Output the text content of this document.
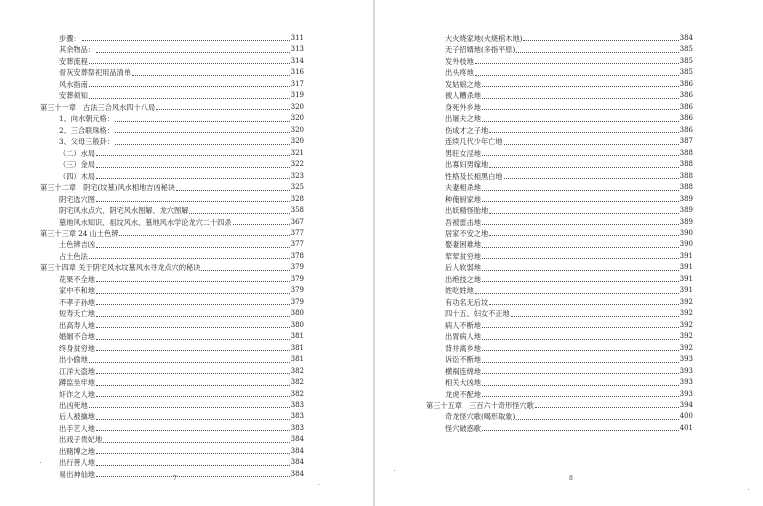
步骤：	311
其余物品：	313
安葬流程	314
骨灰安葬祭祀用品清单	316
风水指南	317
安葬须知	319
第三十一章　古法三合风水四十八局	320
1、向水朝元格：	320
2、三合联珠格：	320
3、父母三般卦：	320
（二）水局	321
（三）金局	322
（四）木局	323
第三十二章　阴宅(坟墓)风水相地吉凶秘诀	325
阴宅选穴图	328
阴宅风水点穴、阴宅风水图解、龙穴图解	358
墓地风水知识、祖坟风水、墓地风水学论龙穴二十四杀	367
第三十三章 24 山土色辨	377
土色辨吉凶	377
占土色法	378
第三十四章 关于阴宅风水坟墓风水寻龙点穴的秘诀	379
花果不全地	379
家中不和地	379
不孝子孙地	379
短寿夭亡地	380
出高寿人地	380
婚姻不合地	381
终身贫穷地	381
出小偷地	381
江洋大盗地	382
蹲监坐牢地	382
奸诈之人地	382
出凶死地	383
后人被擒地	383
出手艺人地	383
出戏子贵妃地	384
出赌博之地	384
出行善人地	384
易出神仙地	384
7
大火烧家地(火烧棺木地)	384
无子招婿地(多指平原)	385
发外枝地	385
出头疼地	385
发姑娘之地	386
被人糟杀地	386
身死外乡地	386
出屠夫之地	386
伤成才之子地	386
连续几代少年亡地	387
男旺女淫地	388
出寡妇男嫁地	388
性格及长相黑白地	388
夫妻相杀地	388
种俺厨家地	389
出妖精怪胎地	389
吾被雷击地	389
居家不安之地	390
娶妻困难地	390
荤荤贫穷地	391
后人软弱地	391
出绝技之地	391
姓吃姓地	391
有功名无后坟	392
四十五、妇女不正地	392
病人不断地	392
出胃病人地	392
背井离乡地	392
诉讼不断地	393
横祸连绵地	393
相关大凶地	393
龙虎不配地	393
第三十五章　三百六十奇形怪穴歌	394
奇龙怪穴歌(喝形取象)	400
怪穴破惑歌	401
8
